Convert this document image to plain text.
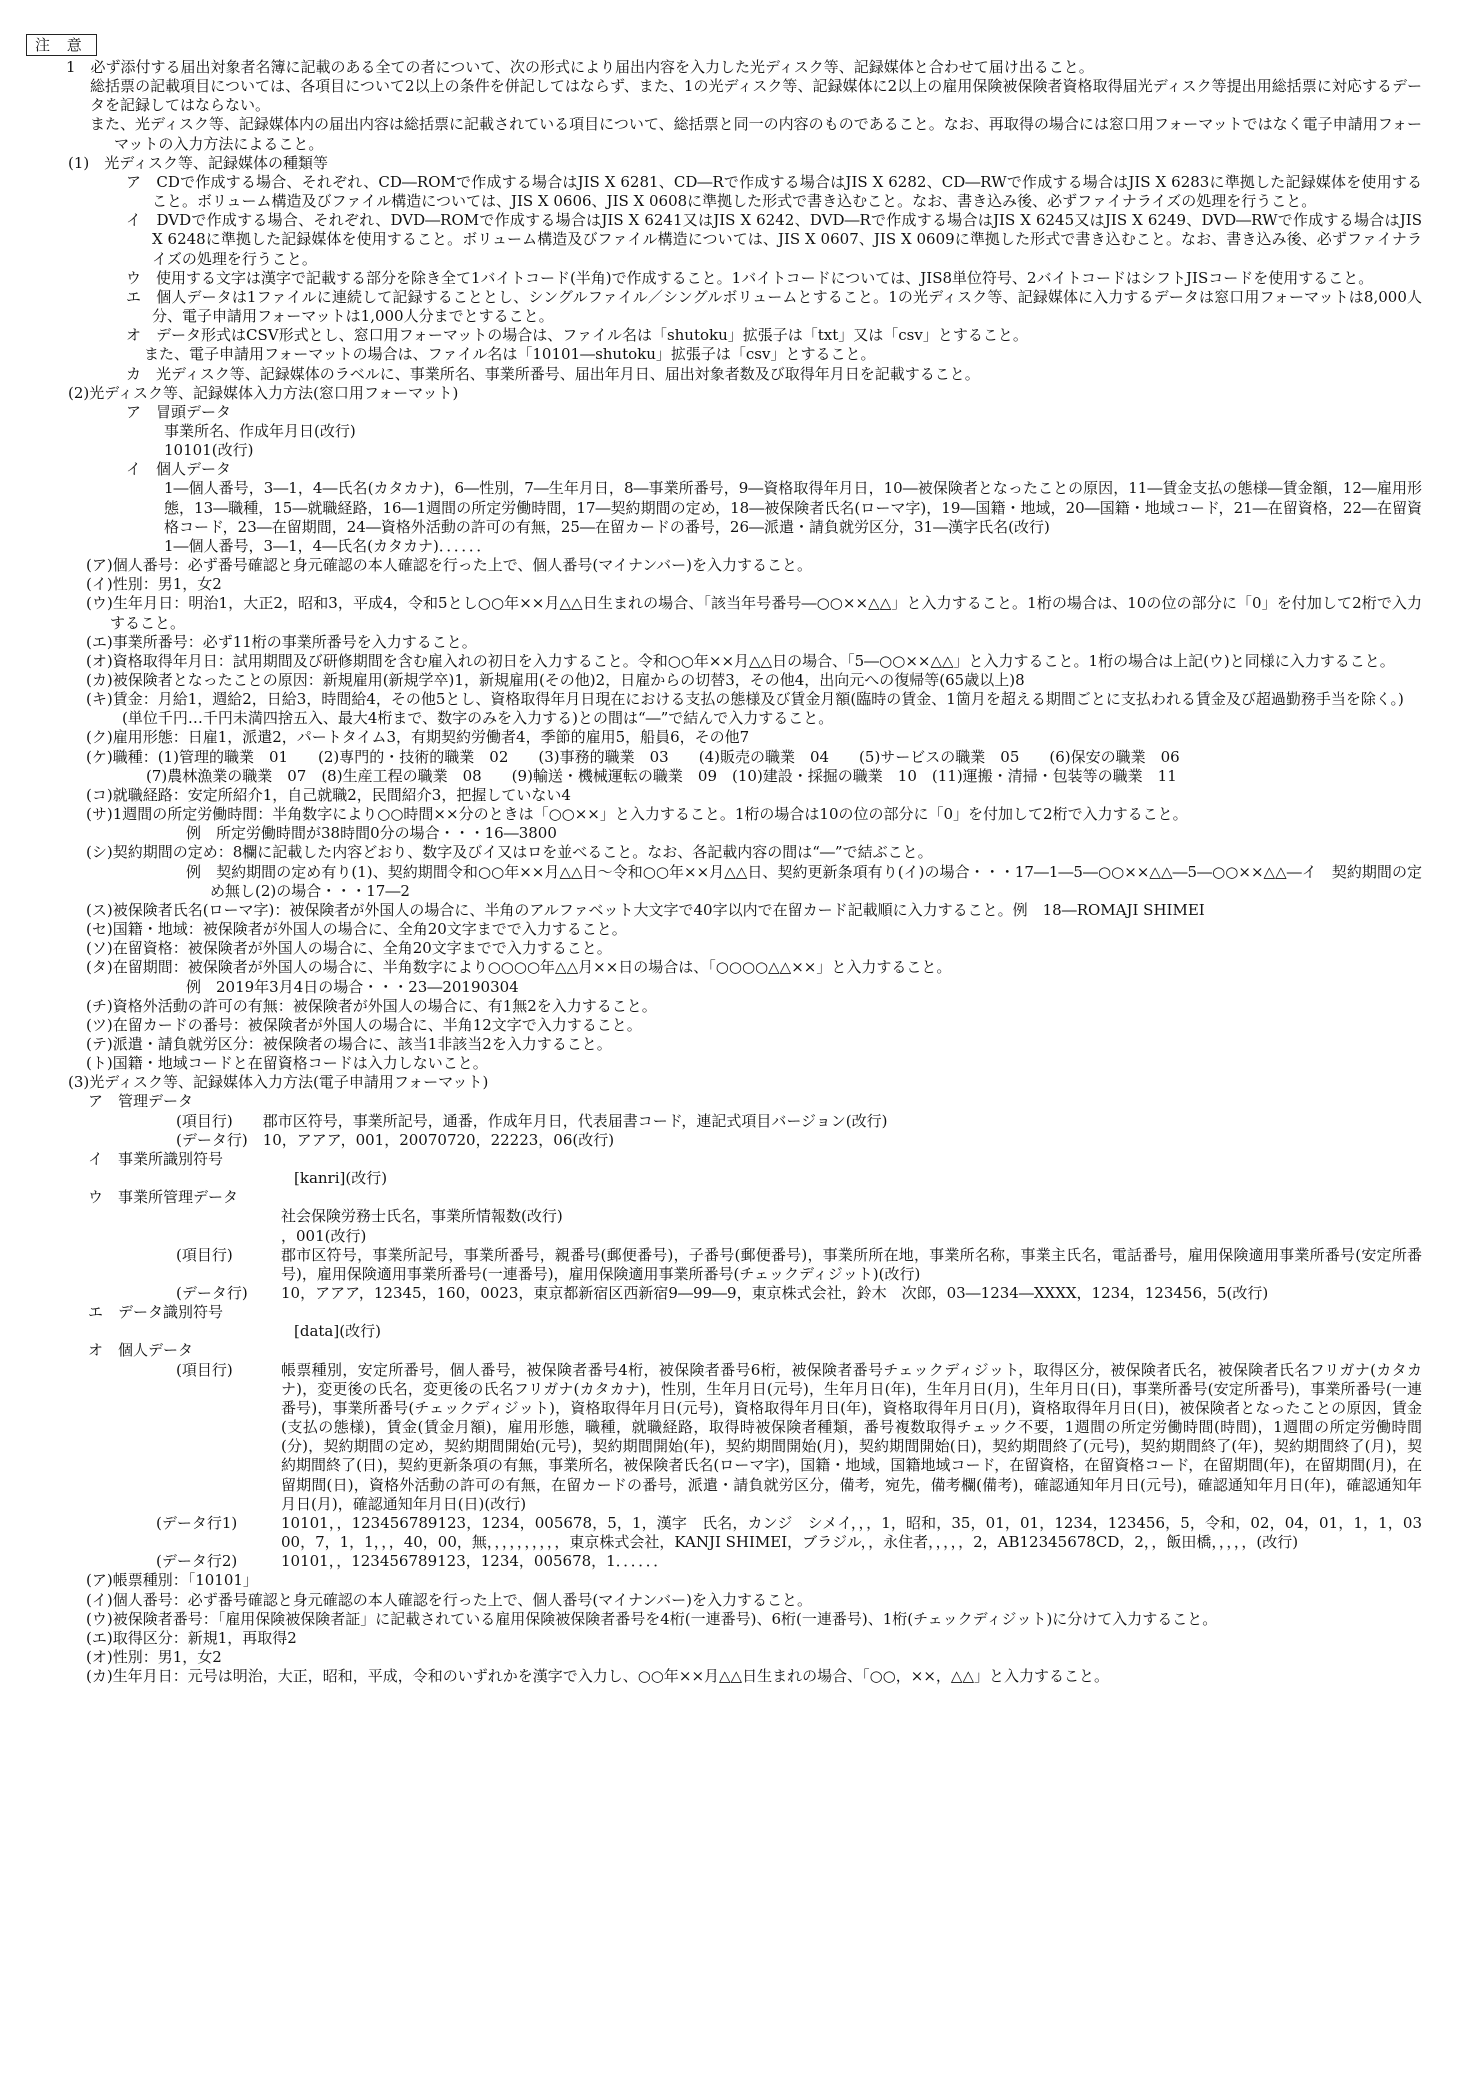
注 意
1　必ず添付する届出対象者名簿に記載のある全ての者について、次の形式により届出内容を入力した光ディスク等、記録媒体と合わせて届け出ること。
総括票の記載項目については、各項目について2以上の条件を併記してはならず、また、1の光ディスク等、記録媒体に2以上の雇用保険被保険者資格取得届光ディスク等提出用総括票に対応するデータを記録してはならない。
また、光ディスク等、記録媒体内の届出内容は総括票に記載されている項目について、総括票と同一の内容のものであること。なお、再取得の場合には窓口用フォーマットではなく電子申請用フォーマットの入力方法によること。
(1)　光ディスク等、記録媒体の種類等
ア　CDで作成する場合、それぞれ、CD―ROMで作成する場合はJIS X 6281、CD―Rで作成する場合はJIS X 6282、CD―RWで作成する場合はJIS X 6283に準拠した記録媒体を使用すること。ボリューム構造及びファイル構造については、JIS X 0606、JIS X 0608に準拠した形式で書き込むこと。なお、書き込み後、必ずファイナライズの処理を行うこと。
イ　DVDで作成する場合、それぞれ、DVD―ROMで作成する場合はJIS X 6241又はJIS X 6242、DVD―Rで作成する場合はJIS X 6245又はJIS X 6249、DVD―RWで作成する場合はJIS X 6248に準拠した記録媒体を使用すること。ボリューム構造及びファイル構造については、JIS X 0607、JIS X 0609に準拠した形式で書き込むこと。なお、書き込み後、必ずファイナライズの処理を行うこと。
ウ　使用する文字は漢字で記載する部分を除き全て1バイトコード(半角)で作成すること。1バイトコードについては、JIS8単位符号、2バイトコードはシフトJISコードを使用すること。
エ　個人データは1ファイルに連続して記録することとし、シングルファイル／シングルボリュームとすること。1の光ディスク等、記録媒体に入力するデータは窓口用フォーマットは8,000人分、電子申請用フォーマットは1,000人分までとすること。
オ　データ形式はCSV形式とし、窓口用フォーマットの場合は、ファイル名は「shutoku」拡張子は「txt」又は「csv」とすること。
また、電子申請用フォーマットの場合は、ファイル名は「10101―shutoku」拡張子は「csv」とすること。
カ　光ディスク等、記録媒体のラベルに、事業所名、事業所番号、届出年月日、届出対象者数及び取得年月日を記載すること。
(2)光ディスク等、記録媒体入力方法(窓口用フォーマット)
ア　冒頭データ
事業所名、作成年月日(改行)
10101(改行)
イ　個人データ
1―個人番号，3―1，4―氏名(カタカナ)，6―性別，7―生年月日，8―事業所番号，9―資格取得年月日，10―被保険者となったことの原因，11―賃金支払の態様―賃金額，12―雇用形態，13―職種，15―就職経路，16―1週間の所定労働時間，17―契約期間の定め，18―被保険者氏名(ローマ字)，19―国籍・地域，20―国籍・地域コード，21―在留資格，22―在留資格コード，23―在留期間，24―資格外活動の許可の有無，25―在留カードの番号，26―派遣・請負就労区分，31―漢字氏名(改行)
1―個人番号，3―1，4―氏名(カタカナ)．．．．．．
(ア)個人番号：必ず番号確認と身元確認の本人確認を行った上で、個人番号(マイナンバー)を入力すること。
(イ)性別：男1，女2
(ウ)生年月日：明治1，大正2，昭和3，平成4，令和5とし○○年××月△△日生まれの場合、「該当年号番号―○○××△△」と入力すること。1桁の場合は、10の位の部分に「0」を付加して2桁で入力すること。
(エ)事業所番号：必ず11桁の事業所番号を入力すること。
(オ)資格取得年月日：試用期間及び研修期間を含む雇入れの初日を入力すること。令和○○年××月△△日の場合、「5―○○××△△」と入力すること。1桁の場合は上記(ウ)と同様に入力すること。
(カ)被保険者となったことの原因：新規雇用(新規学卒)1，新規雇用(その他)2，日雇からの切替3，その他4，出向元への復帰等(65歳以上)8
(キ)賃金：月給1，週給2，日給3，時間給4，その他5とし、資格取得年月日現在における支払の態様及び賃金月額(臨時の賃金、1箇月を超える期間ごとに支払われる賃金及び超過勤務手当を除く。)
(単位千円…千円未満四捨五入、最大4桁まで、数字のみを入力する)との間は“―”で結んで入力すること。
(ク)雇用形態：日雇1，派遣2，パートタイム3，有期契約労働者4，季節的雇用5，船員6，その他7
(ケ)職種：(1)管理的職業　01　　(2)専門的・技術的職業　02　　(3)事務的職業　03　　(4)販売の職業　04　　(5)サービスの職業　05　　(6)保安の職業　06
(7)農林漁業の職業　07　(8)生産工程の職業　08　　(9)輸送・機械運転の職業　09　(10)建設・採掘の職業　10　(11)運搬・清掃・包装等の職業　11
(コ)就職経路：安定所紹介1，自己就職2，民間紹介3，把握していない4
(サ)1週間の所定労働時間：半角数字により○○時間××分のときは「○○××」と入力すること。1桁の場合は10の位の部分に「0」を付加して2桁で入力すること。
例　所定労働時間が38時間0分の場合・・・16―3800
(シ)契約期間の定め：8欄に記載した内容どおり、数字及びイ又はロを並べること。なお、各記載内容の間は“―”で結ぶこと。
例　契約期間の定め有り(1)、契約期間令和○○年××月△△日～令和○○年××月△△日、契約更新条項有り(イ)の場合・・・17―1―5―○○××△△―5―○○××△△―イ　契約期間の定め無し(2)の場合・・・17―2
(ス)被保険者氏名(ローマ字)：被保険者が外国人の場合に、半角のアルファベット大文字で40字以内で在留カード記載順に入力すること。例　18―ROMAJI SHIMEI
(セ)国籍・地域：被保険者が外国人の場合に、全角20文字までで入力すること。
(ソ)在留資格：被保険者が外国人の場合に、全角20文字までで入力すること。
(タ)在留期間：被保険者が外国人の場合に、半角数字により○○○○年△△月××日の場合は、「○○○○△△××」と入力すること。
例　2019年3月4日の場合・・・23―20190304
(チ)資格外活動の許可の有無：被保険者が外国人の場合に、有1無2を入力すること。
(ツ)在留カードの番号：被保険者が外国人の場合に、半角12文字で入力すること。
(テ)派遣・請負就労区分：被保険者の場合に、該当1非該当2を入力すること。
(ト)国籍・地域コードと在留資格コードは入力しないこと。
(3)光ディスク等、記録媒体入力方法(電子申請用フォーマット)
ア　管理データ
(項目行)　　郡市区符号，事業所記号，通番，作成年月日，代表届書コード，連記式項目バージョン(改行)
(データ行)　10，アアア，001，20070720，22223，06(改行)
イ　事業所識別符号
[kanri](改行)
ウ　事業所管理データ
社会保険労務士氏名，事業所情報数(改行)
，001(改行)
(項目行)	郡市区符号，事業所記号，事業所番号，親番号(郵便番号)，子番号(郵便番号)，事業所所在地，事業所名称，事業主氏名，電話番号，雇用保険適用事業所番号(安定所番号)，雇用保険適用事業所番号(一連番号)，雇用保険適用事業所番号(チェックディジット)(改行)
(データ行) 10，アアア，12345，160，0023，東京都新宿区西新宿9―99―9，東京株式会社，鈴木　次郎，03―1234―XXXX，1234，123456，5(改行)
エ　データ識別符号
[data](改行)
オ　個人データ
(項目行)	帳票種別，安定所番号，個人番号，被保険者番号4桁，被保険者番号6桁，被保険者番号チェックディジット，取得区分，被保険者氏名，被保険者氏名フリガナ(カタカナ)，変更後の氏名，変更後の氏名フリガナ(カタカナ)，性別，生年月日(元号)，生年月日(年)，生年月日(月)，生年月日(日)，事業所番号(安定所番号)，事業所番号(一連番号)，事業所番号(チェックディジット)，資格取得年月日(元号)，資格取得年月日(年)，資格取得年月日(月)，資格取得年月日(日)，被保険者となったことの原因，賃金(支払の態様)，賃金(賃金月額)，雇用形態，職種，就職経路，取得時被保険者種類，番号複数取得チェック不要，1週間の所定労働時間(時間)，1週間の所定労働時間(分)，契約期間の定め，契約期間開始(元号)，契約期間開始(年)，契約期間開始(月)，契約期間開始(日)，契約期間終了(元号)，契約期間終了(年)，契約期間終了(月)，契約期間終了(日)，契約更新条項の有無，事業所名，被保険者氏名(ローマ字)，国籍・地域，国籍地域コード，在留資格，在留資格コード，在留期間(年)，在留期間(月)，在留期間(日)，資格外活動の許可の有無，在留カードの番号，派遣・請負就労区分，備考，宛先，備考欄(備考)，確認通知年月日(元号)，確認通知年月日(年)，確認通知年月日(月)，確認通知年月日(日)(改行)
(データ行1)	10101，，123456789123，1234，005678，5，1，漢字　氏名，カンジ　シメイ，，，1，昭和，35，01，01，1234，123456，5，令和，02，04，01，1，1，0300，7，1，1，，，40，00，無，，，，，，，，，，東京株式会社，KANJI SHIMEI，ブラジル，，永住者，，，，，2，AB12345678CD，2，，飯田橋，，，，，(改行)
(データ行2)	10101，，123456789123，1234，005678，1．．．．．．
(ア)帳票種別：「10101」
(イ)個人番号：必ず番号確認と身元確認の本人確認を行った上で、個人番号(マイナンバー)を入力すること。
(ウ)被保険者番号：「雇用保険被保険者証」に記載されている雇用保険被保険者番号を4桁(一連番号)、6桁(一連番号)、1桁(チェックディジット)に分けて入力すること。
(エ)取得区分：新規1，再取得2
(オ)性別：男1，女2
(カ)生年月日：元号は明治，大正，昭和，平成，令和のいずれかを漢字で入力し、○○年××月△△日生まれの場合、「○○，××，△△」と入力すること。
